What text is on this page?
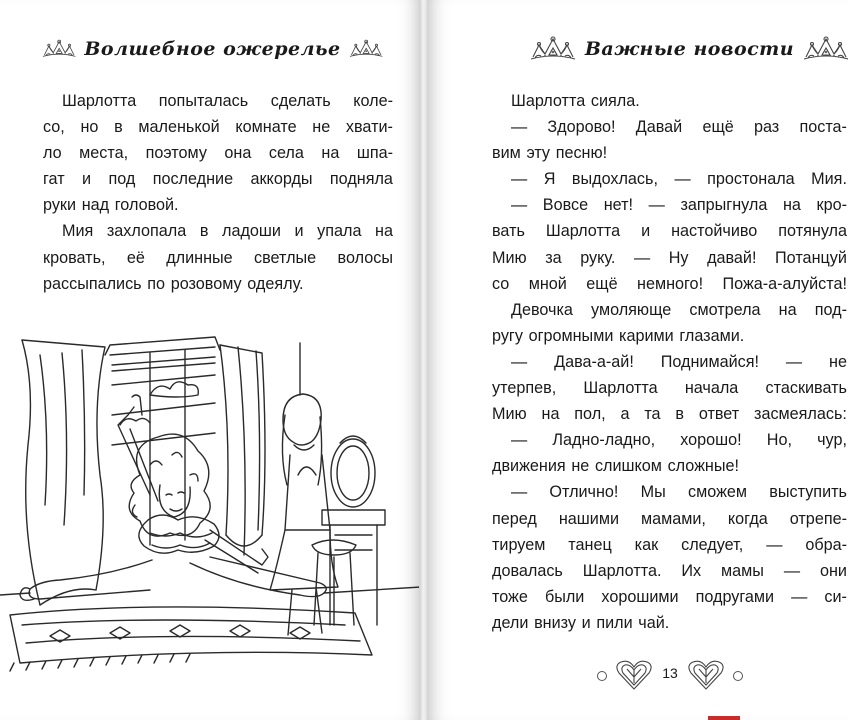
Волшебное ожерелье
Шарлотта попыталась сделать коле-
со, но в маленькой комнате не хвати-
ло места, поэтому она села на шпа-
гат и под последние аккорды подняла
руки над головой.
Мия захлопала в ладоши и упала на
кровать, её длинные светлые волосы
рассыпались по розовому одеялу.
Важные новости
Шарлотта сияла.
— Здорово! Давай ещё раз поста-
вим эту песню!
— Я выдохлась, — простонала Мия.
— Вовсе нет! — запрыгнула на кро-
вать Шарлотта и настойчиво потянула
Мию за руку. — Ну давай! Потанцуй
со мной ещё немного! Пожа-а-алуйста!
Девочка умоляюще смотрела на под-
ругу огромными карими глазами.
— Дава-а-ай! Поднимайся! — не
утерпев, Шарлотта начала стаскивать
Мию на пол, а та в ответ засмеялась:
— Ладно-ладно, хорошо! Но, чур,
движения не слишком сложные!
— Отлично! Мы сможем выступить
перед нашими мамами, когда отрепе-
тируем танец как следует, — обра-
довалась Шарлотта. Их мамы — они
тоже были хорошими подругами — си-
дели внизу и пили чай.
13
